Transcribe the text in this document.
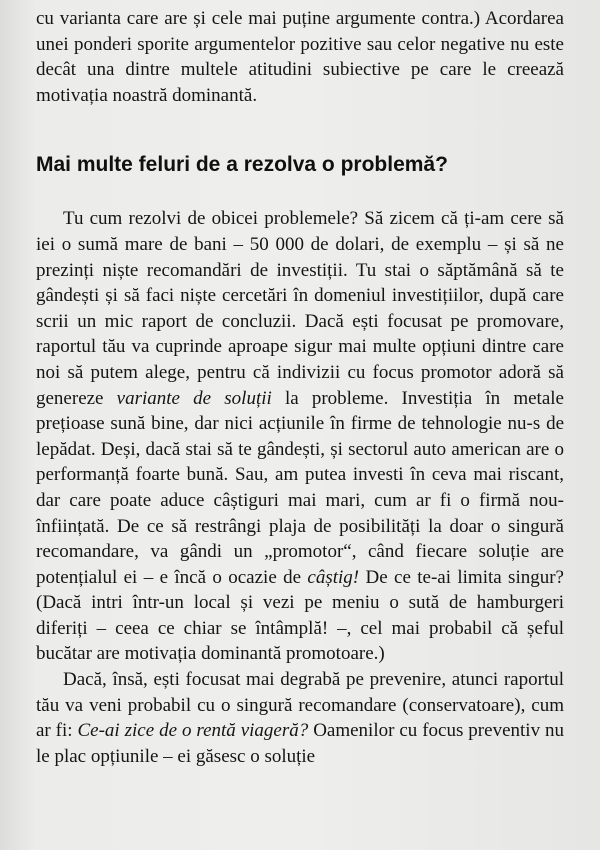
cu varianta care are și cele mai puține argumente contra.) Acordarea unei ponderi sporite argumentelor pozitive sau celor negative nu este decât una dintre multele atitudini subiective pe care le creează motivația noastră dominantă.

Mai multe feluri de a rezolva o problemă?

Tu cum rezolvi de obicei problemele? Să zicem că ți-am cere să iei o sumă mare de bani – 50 000 de dolari, de exemplu – și să ne prezinți niște recomandări de investiții. Tu stai o săptămână să te gândești și să faci niște cercetări în domeniul investițiilor, după care scrii un mic raport de concluzii. Dacă ești focusat pe promovare, raportul tău va cuprinde aproape sigur mai multe opțiuni dintre care noi să putem alege, pentru că indivizii cu focus promotor adoră să genereze variante de soluții la probleme. Investiția în metale prețioase sună bine, dar nici acțiunile în firme de tehnologie nu-s de lepădat. Deși, dacă stai să te gândești, și sectorul auto american are o performanță foarte bună. Sau, am putea investi în ceva mai riscant, dar care poate aduce câștiguri mai mari, cum ar fi o firmă nou-înființată. De ce să restrângi plaja de posibilități la doar o singură recomandare, va gândi un „promotor“, când fiecare soluție are potențialul ei – e încă o ocazie de câștig! De ce te-ai limita singur? (Dacă intri într-un local și vezi pe meniu o sută de hamburgeri diferiți – ceea ce chiar se întâmplă! –, cel mai probabil că șeful bucătar are motivația dominantă promotoare.)

Dacă, însă, ești focusat mai degrabă pe prevenire, atunci raportul tău va veni probabil cu o singură recomandare (conservatoare), cum ar fi: Ce-ai zice de o rentă viageră? Oamenilor cu focus preventiv nu le plac opțiunile – ei găsesc o soluție
